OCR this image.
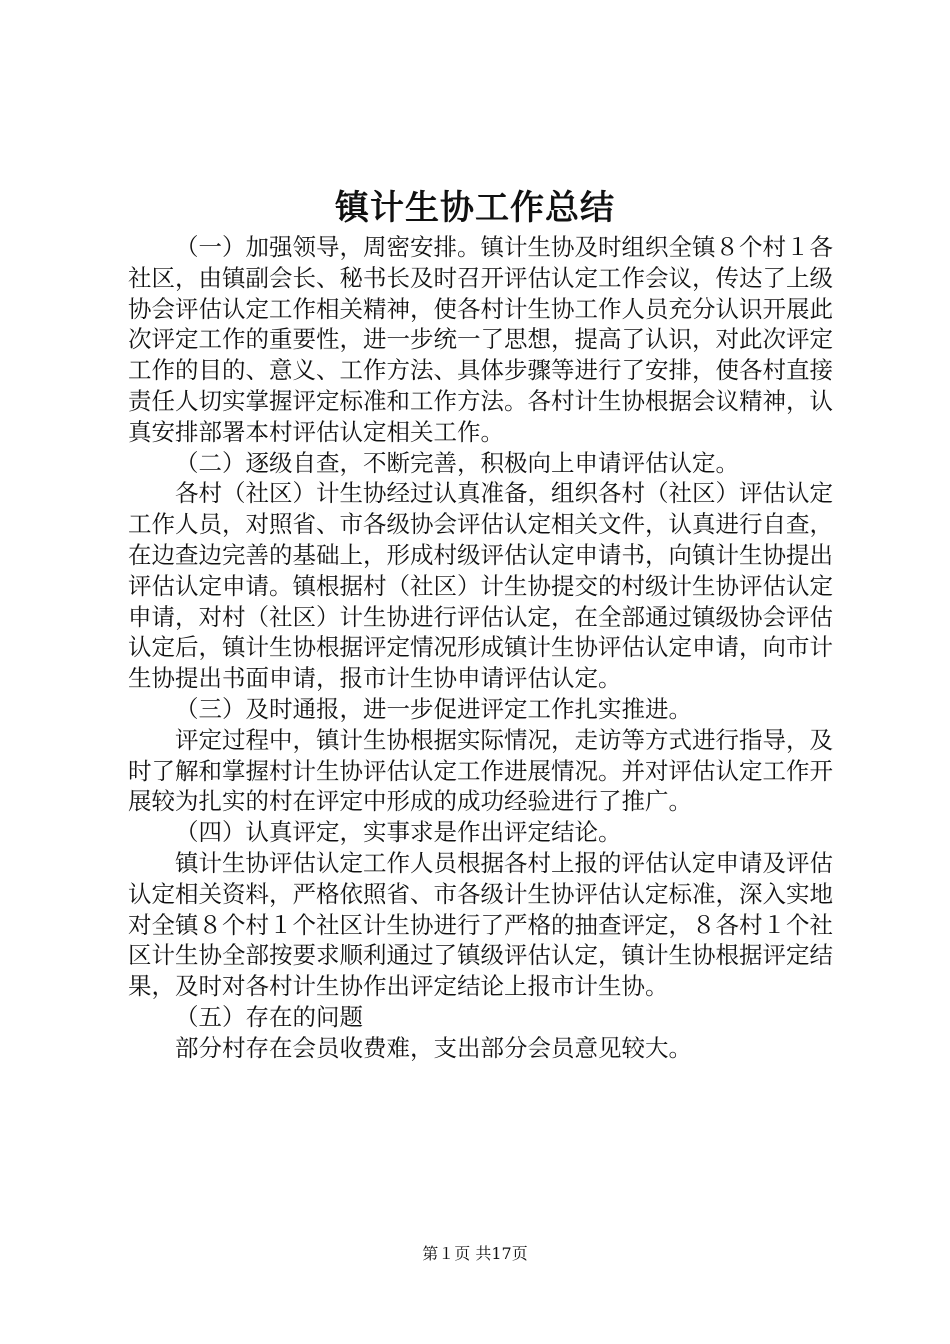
镇计生协工作总结

（一）加强领导，周密安排。镇计生协及时组织全镇８个村１各社区，由镇副会长、秘书长及时召开评估认定工作会议，传达了上级协会评估认定工作相关精神，使各村计生协工作人员充分认识开展此次评定工作的重要性，进一步统一了思想，提高了认识，对此次评定工作的目的、意义、工作方法、具体步骤等进行了安排，使各村直接责任人切实掌握评定标准和工作方法。各村计生协根据会议精神，认真安排部署本村评估认定相关工作。

（二）逐级自查，不断完善，积极向上申请评估认定。

各村（社区）计生协经过认真准备，组织各村（社区）评估认定工作人员，对照省、市各级协会评估认定相关文件，认真进行自查，在边查边完善的基础上，形成村级评估认定申请书，向镇计生协提出评估认定申请。镇根据村（社区）计生协提交的村级计生协评估认定申请，对村（社区）计生协进行评估认定，在全部通过镇级协会评估认定后，镇计生协根据评定情况形成镇计生协评估认定申请，向市计生协提出书面申请，报市计生协申请评估认定。

（三）及时通报，进一步促进评定工作扎实推进。

评定过程中，镇计生协根据实际情况，走访等方式进行指导，及时了解和掌握村计生协评估认定工作进展情况。并对评估认定工作开展较为扎实的村在评定中形成的成功经验进行了推广。

（四）认真评定，实事求是作出评定结论。

镇计生协评估认定工作人员根据各村上报的评估认定申请及评估认定相关资料，严格依照省、市各级计生协评估认定标准，深入实地对全镇８个村１个社区计生协进行了严格的抽查评定，８各村１个社区计生协全部按要求顺利通过了镇级评估认定，镇计生协根据评定结果，及时对各村计生协作出评定结论上报市计生协。

（五）存在的问题

部分村存在会员收费难，支出部分会员意见较大。

第１页 共17页
